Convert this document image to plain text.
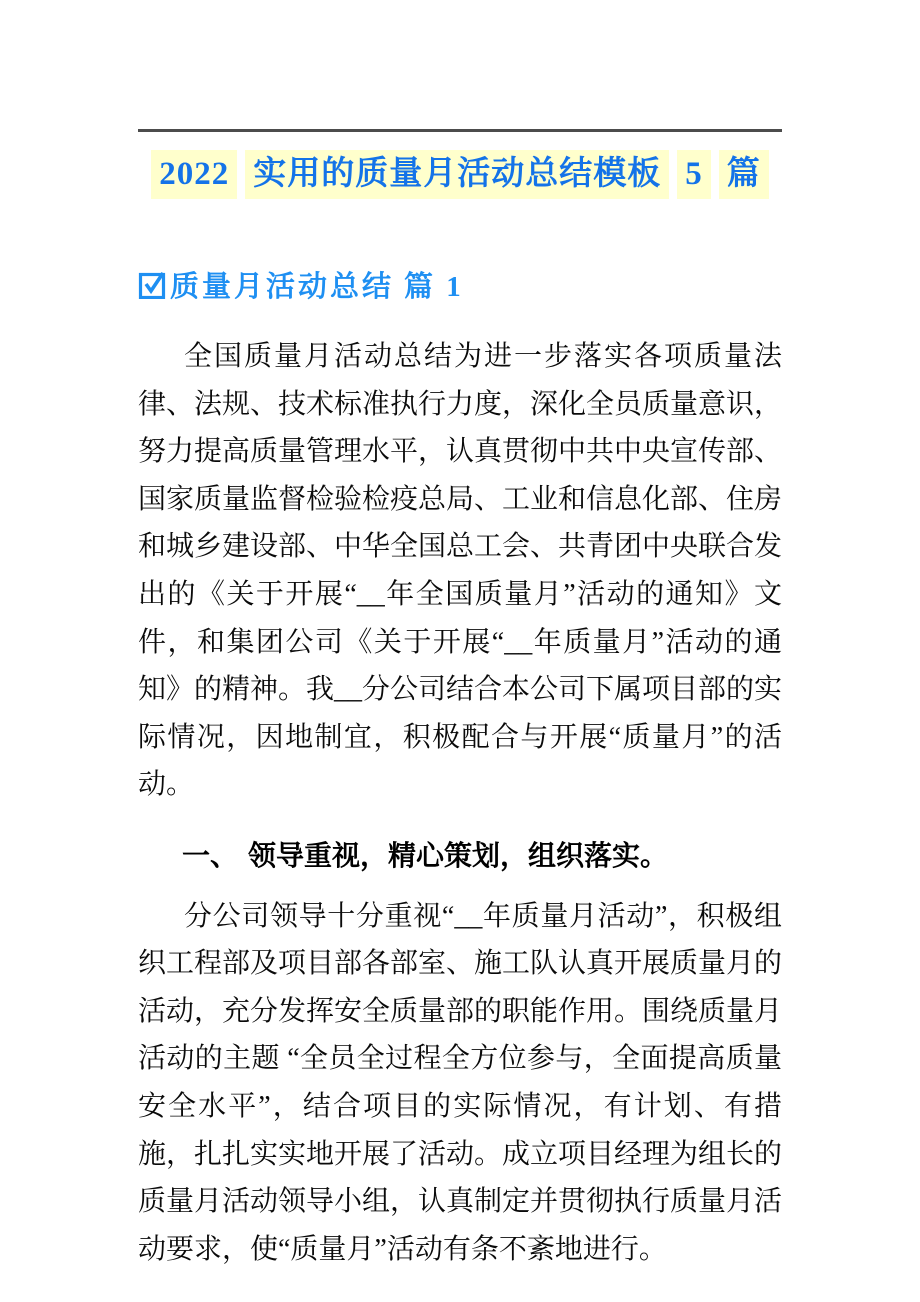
2022 实用的质量月活动总结模板 5 篇
质量月活动总结 篇 1

全国质量月活动总结为进一步落实各项质量法律、法规、技术标准执行力度，深化全员质量意识，努力提高质量管理水平，认真贯彻中共中央宣传部、国家质量监督检验检疫总局、工业和信息化部、住房和城乡建设部、中华全国总工会、共青团中央联合发出的《关于开展“__年全国质量月”活动的通知》文件，和集团公司《关于开展“__年质量月”活动的通知》的精神。我__分公司结合本公司下属项目部的实际情况，因地制宜，积极配合与开展“质量月”的活动。

一、 领导重视，精心策划，组织落实。

分公司领导十分重视“__年质量月活动”，积极组织工程部及项目部各部室、施工队认真开展质量月的活动，充分发挥安全质量部的职能作用。围绕质量月活动的主题 “全员全过程全方位参与，全面提高质量安全水平”，结合项目的实际情况，有计划、有措施，扎扎实实地开展了活动。成立项目经理为组长的质量月活动领导小组，认真制定并贯彻执行质量月活动要求，使“质量月”活动有条不紊地进行。
